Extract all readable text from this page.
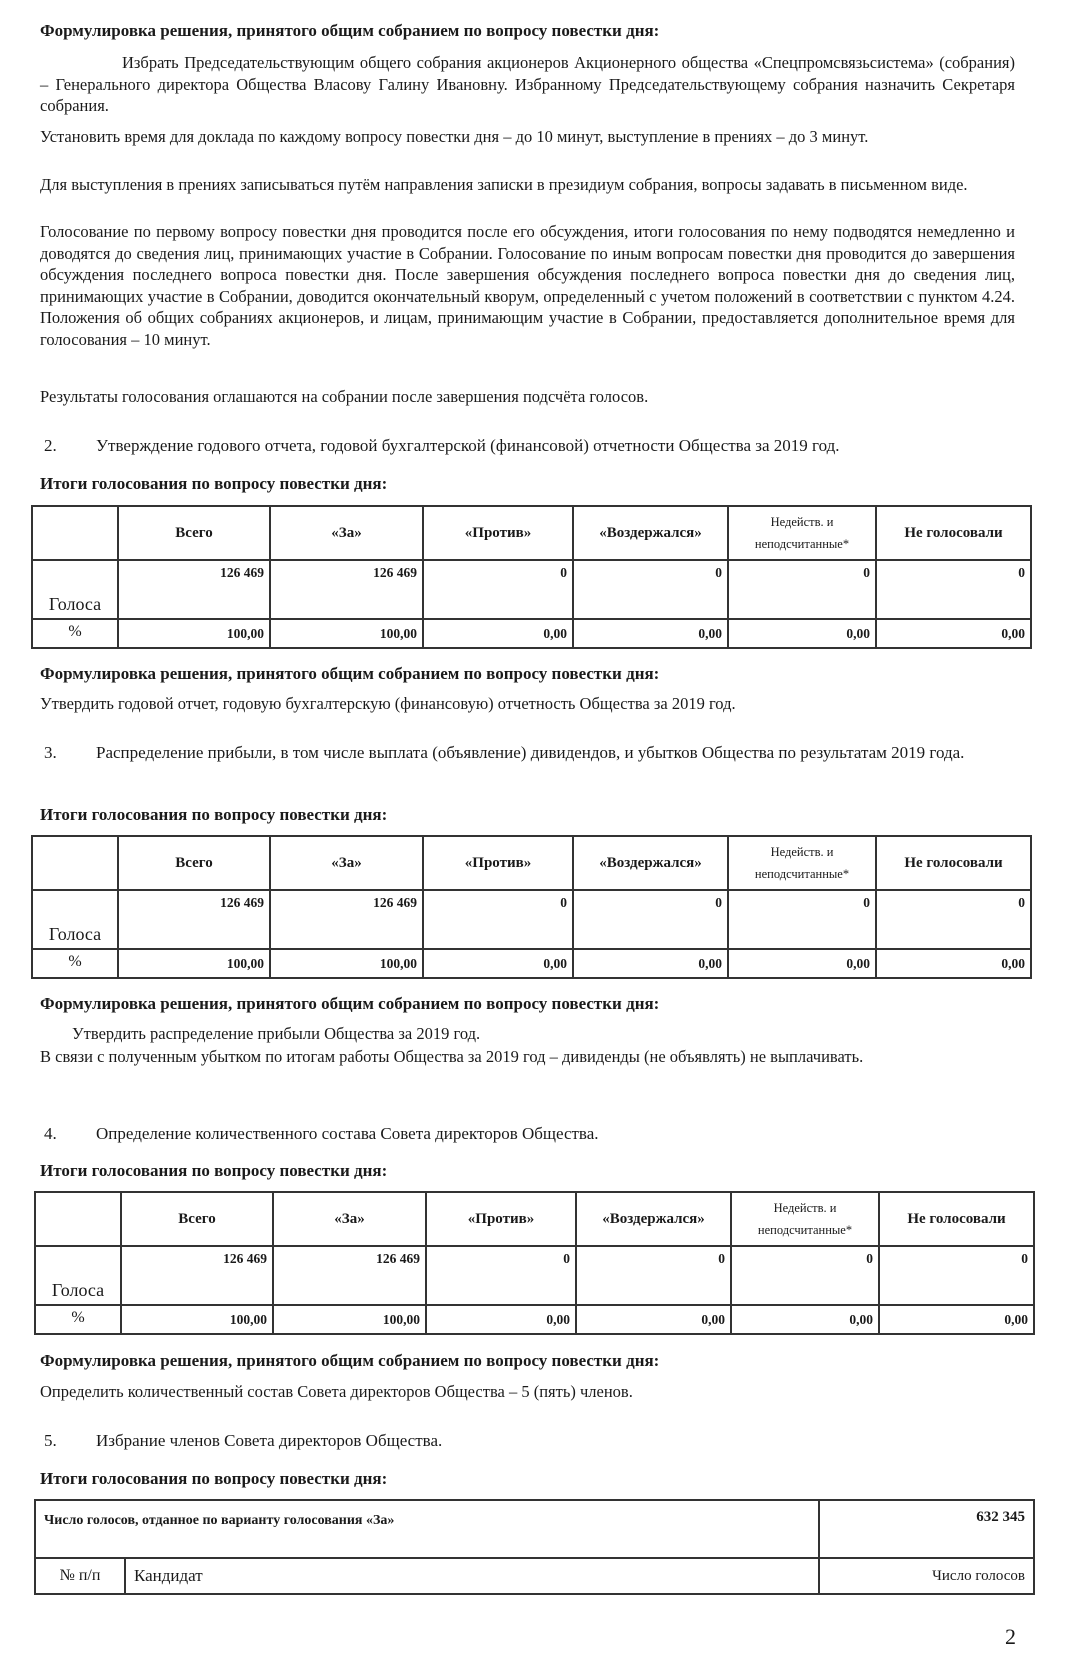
Формулировка решения, принятого общим собранием по вопросу повестки дня:
Избрать Председательствующим общего собрания акционеров Акционерного общества «Спецпромсвязьсистема» (собрания) – Генерального директора Общества Власову Галину Ивановну. Избранному Председательствующему собрания назначить Секретаря собрания.
Установить время для доклада по каждому вопросу повестки дня – до 10 минут, выступление в прениях – до 3 минут.
Для выступления в прениях записываться путём направления записки в президиум собрания, вопросы задавать в письменном виде.
Голосование по первому вопросу повестки дня проводится после его обсуждения, итоги голосования по нему подводятся немедленно и доводятся до сведения лиц, принимающих участие в Собрании. Голосование по иным вопросам повестки дня проводится до завершения обсуждения последнего вопроса повестки дня. После завершения обсуждения последнего вопроса повестки дня до сведения лиц, принимающих участие в Собрании, доводится окончательный кворум, определенный с учетом положений в соответствии с пунктом 4.24. Положения об общих собраниях акционеров, и лицам, принимающим участие в Собрании, предоставляется дополнительное время для голосования – 10 минут.
Результаты голосования оглашаются на собрании после завершения подсчёта голосов.
2. Утверждение годового отчета, годовой бухгалтерской (финансовой) отчетности Общества за 2019 год.
Итоги голосования по вопросу повестки дня:
	Всего	«За»	«Против»	«Воздержался»	Недейств. и неподсчитанные*	Не голосовали
Голоса	126 469	126 469	0	0	0	0
%	100,00	100,00	0,00	0,00	0,00	0,00
Формулировка решения, принятого общим собранием по вопросу повестки дня:
Утвердить годовой отчет, годовую бухгалтерскую (финансовую) отчетность Общества за 2019 год.
3. Распределение прибыли, в том числе выплата (объявление) дивидендов, и убытков Общества по результатам 2019 года.
Итоги голосования по вопросу повестки дня:
	Всего	«За»	«Против»	«Воздержался»	Недейств. и неподсчитанные*	Не голосовали
Голоса	126 469	126 469	0	0	0	0
%	100,00	100,00	0,00	0,00	0,00	0,00
Формулировка решения, принятого общим собранием по вопросу повестки дня:
Утвердить распределение прибыли Общества за 2019 год.
В связи с полученным убытком по итогам работы Общества за 2019 год – дивиденды (не объявлять) не выплачивать.
4. Определение количественного состава Совета директоров Общества.
Итоги голосования по вопросу повестки дня:
	Всего	«За»	«Против»	«Воздержался»	Недейств. и неподсчитанные*	Не голосовали
Голоса	126 469	126 469	0	0	0	0
%	100,00	100,00	0,00	0,00	0,00	0,00
Формулировка решения, принятого общим собранием по вопросу повестки дня:
Определить количественный состав Совета директоров Общества – 5 (пять) членов.
5. Избрание членов Совета директоров Общества.
Итоги голосования по вопросу повестки дня:
Число голосов, отданное по варианту голосования «За»		632 345
№ п/п	Кандидат	Число голосов
2
